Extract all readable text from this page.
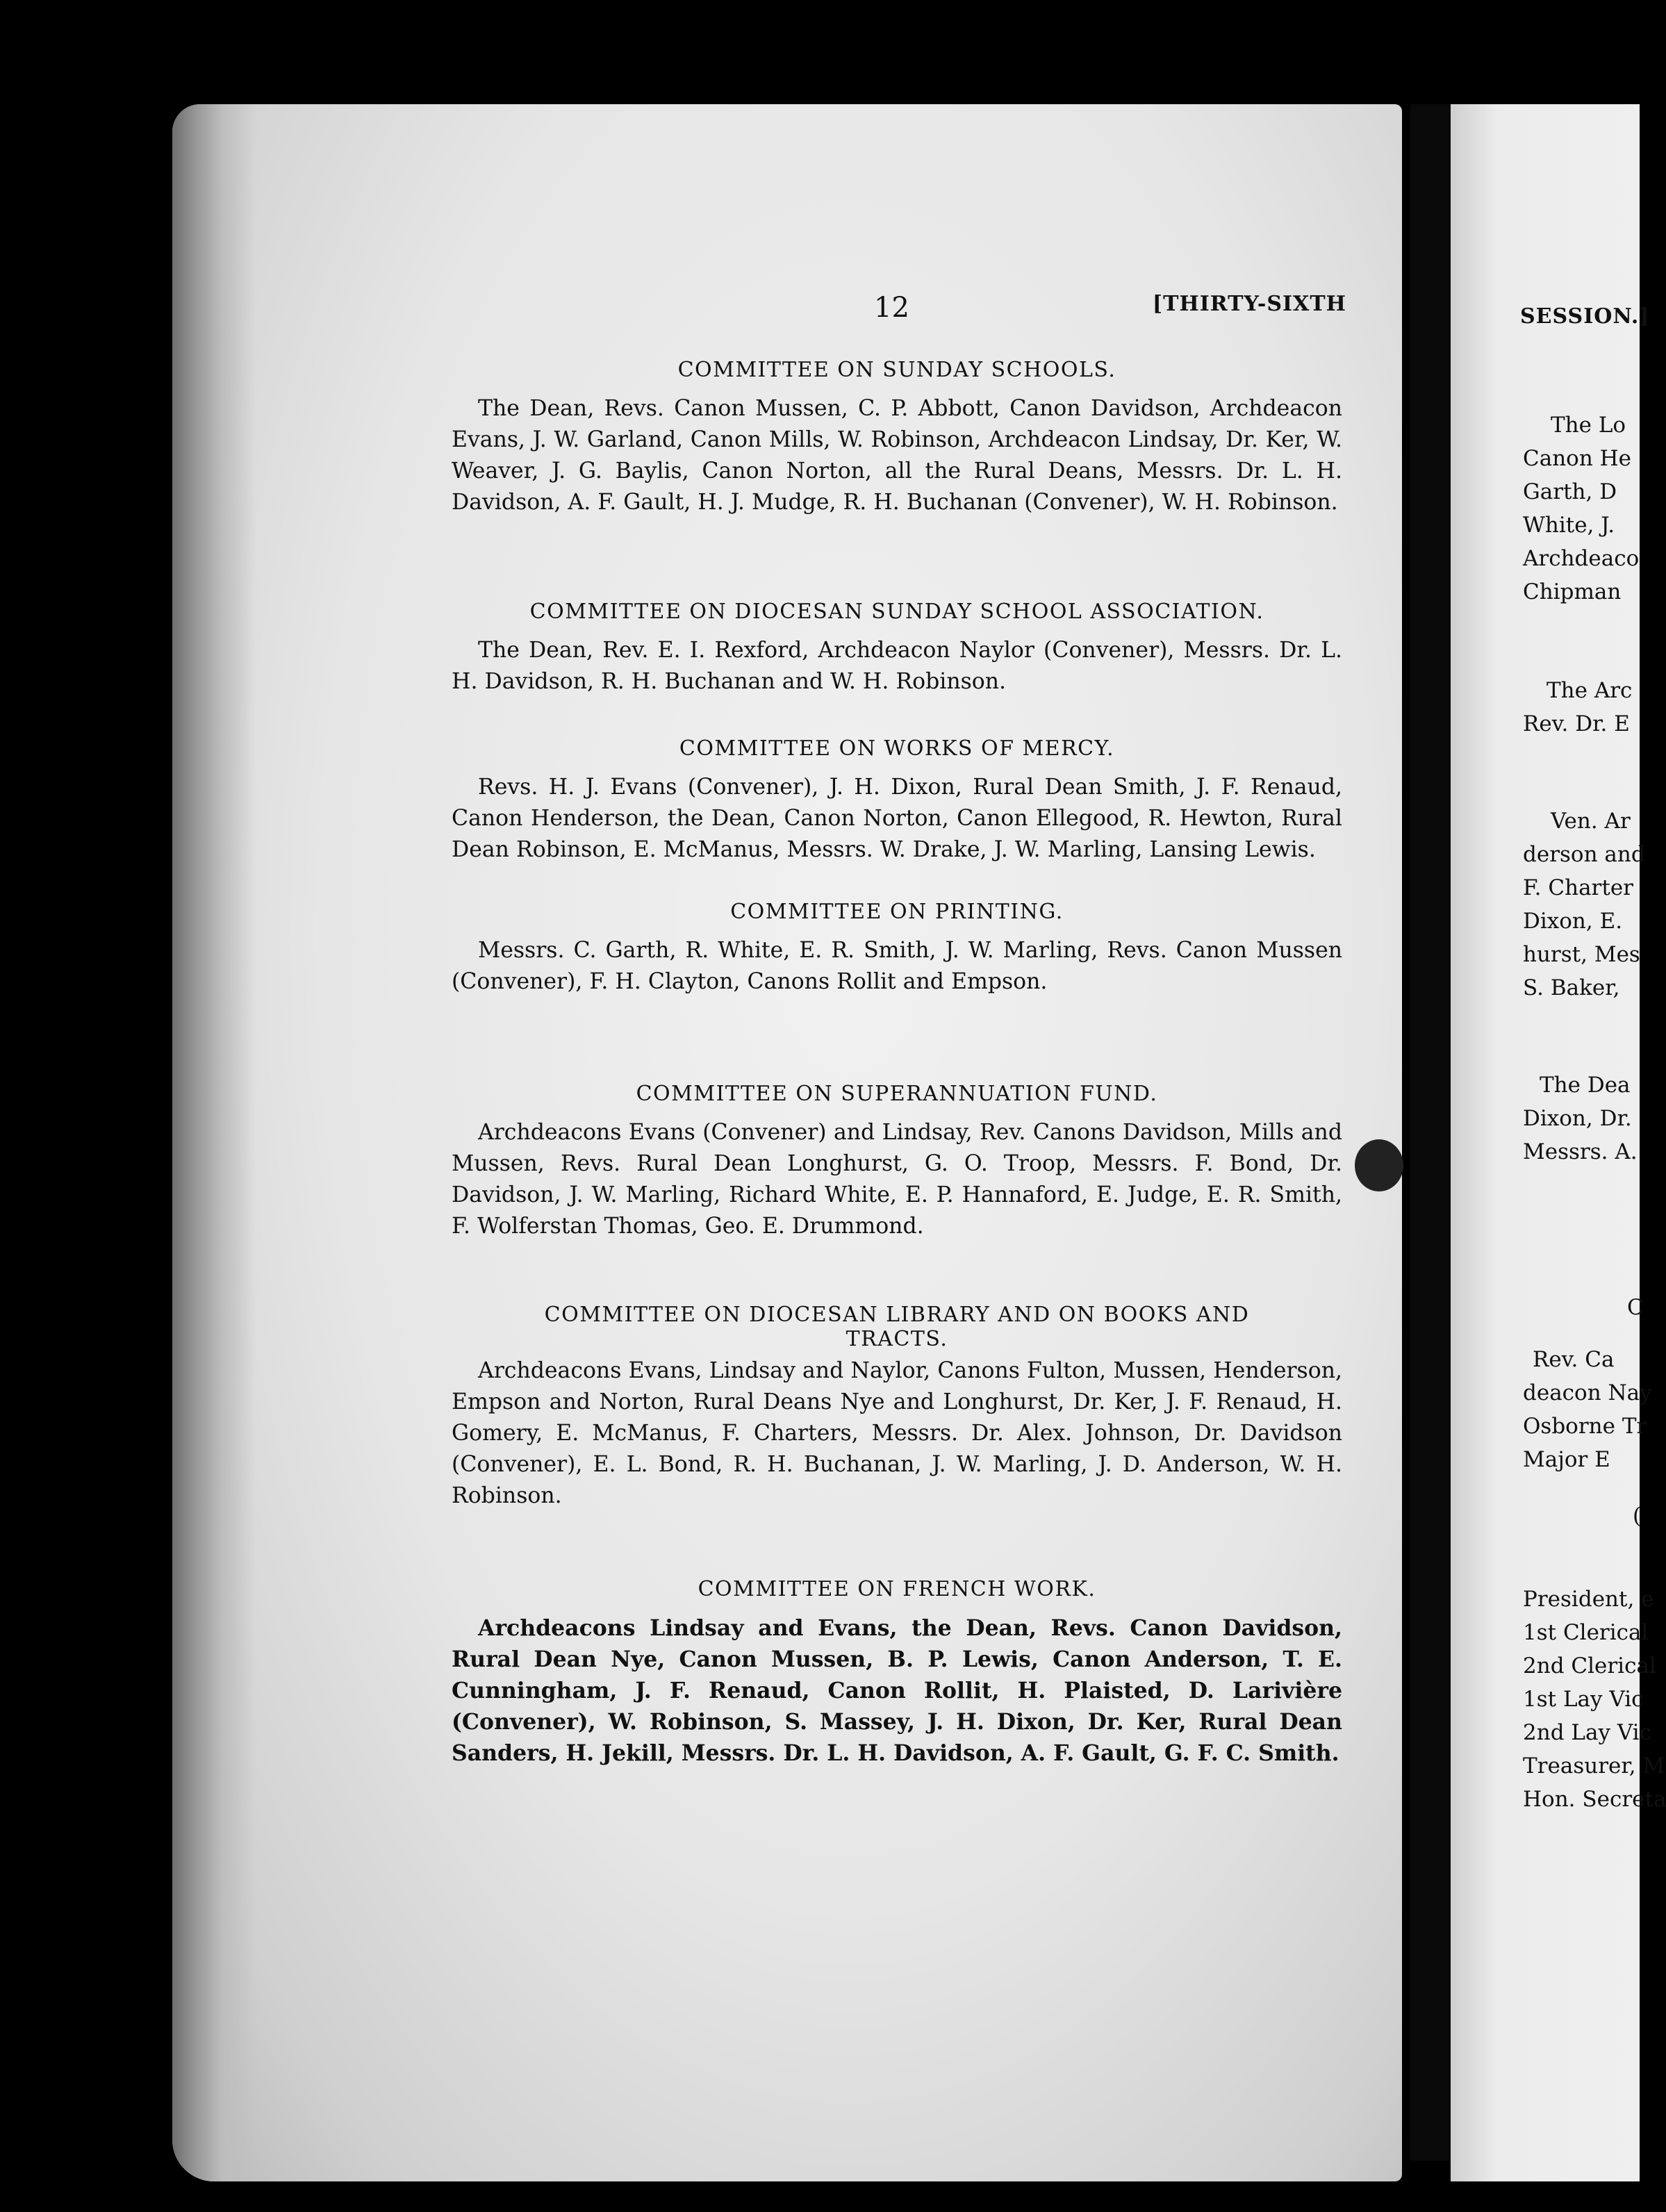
12	[THIRTY-SIXTH

COMMITTEE ON SUNDAY SCHOOLS.

The Dean, Revs. Canon Mussen, C. P. Abbott, Canon Davidson, Archdeacon Evans, J. W. Garland, Canon Mills, W. Robinson, Archdeacon Lindsay, Dr. Ker, W. Weaver, J. G. Baylis, Canon Norton, all the Rural Deans, Messrs. Dr. L. H. Davidson, A. F. Gault, H. J. Mudge, R. H. Buchanan (Convener), W. H. Robinson.

COMMITTEE ON DIOCESAN SUNDAY SCHOOL ASSOCIATION.

The Dean, Rev. E. I. Rexford, Archdeacon Naylor (Convener), Messrs. Dr. L. H. Davidson, R. H. Buchanan and W. H. Robinson.

COMMITTEE ON WORKS OF MERCY.

Revs. H. J. Evans (Convener), J. H. Dixon, Rural Dean Smith, J. F. Renaud, Canon Henderson, the Dean, Canon Norton, Canon Ellegood, R. Hewton, Rural Dean Robinson, E. McManus, Messrs. W. Drake, J. W. Marling, Lansing Lewis.

COMMITTEE ON PRINTING.

Messrs. C. Garth, R. White, E. R. Smith, J. W. Marling, Revs. Canon Mussen (Convener), F. H. Clayton, Canons Rollit and Empson.

COMMITTEE ON SUPERANNUATION FUND.

Archdeacons Evans (Convener) and Lindsay, Rev. Canons Davidson, Mills and Mussen, Revs. Rural Dean Longhurst, G. O. Troop, Messrs. F. Bond, Dr. Davidson, J. W. Marling, Richard White, E. P. Hannaford, E. Judge, E. R. Smith, F. Wolferstan Thomas, Geo. E. Drummond.

COMMITTEE ON DIOCESAN LIBRARY AND ON BOOKS AND TRACTS.

Archdeacons Evans, Lindsay and Naylor, Canons Fulton, Mussen, Henderson, Empson and Norton, Rural Deans Nye and Longhurst, Dr. Ker, J. F. Renaud, H. Gomery, E. McManus, F. Charters, Messrs. Dr. Alex. Johnson, Dr. Davidson (Convener), E. L. Bond, R. H. Buchanan, J. W. Marling, J. D. Anderson, W. H. Robinson.

COMMITTEE ON FRENCH WORK.

Archdeacons Lindsay and Evans, the Dean, Revs. Canon Davidson, Rural Dean Nye, Canon Mussen, B. P. Lewis, Canon Anderson, T. E. Cunningham, J. F. Renaud, Canon Rollit, H. Plaisted, D. Larivière (Convener), W. Robinson, S. Massey, J. H. Dixon, Dr. Ker, Rural Dean Sanders, H. Jekill, Messrs. Dr. L. H. Davidson, A. F. Gault, G. F. C. Smith.

SESSION.]
The Lo
Canon He
Garth, D
White, J.
Archdeaco
Chipman
The Arc
Rev. Dr. E
Ven. Ar
derson and
F. Charter
Dixon, E.
hurst, Mes
S. Baker,
The Dea
Dixon, Dr.
Messrs. A.
C
Rev. Ca
deacon Nay
Osborne Tr
Major E
(
President, e
1st Clerical
2nd Clerical
1st Lay Vic
2nd Lay Vic
Treasurer, M
Hon. Secreta
